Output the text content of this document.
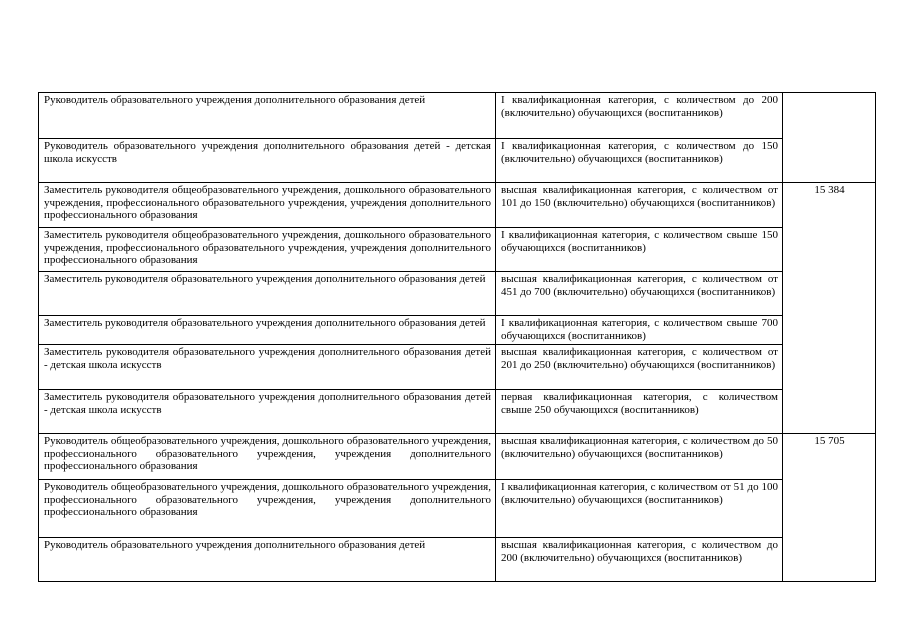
Руководитель образовательного учреждения дополнительного образования детей	I квалификационная категория, с количеством до 200 (включительно) обучающихся (воспитанников)	
Руководитель образовательного учреждения дополнительного образования детей - детская школа искусств	I квалификационная категория, с количеством до 150 (включительно) обучающихся (воспитанников)	
Заместитель руководителя общеобразовательного учреждения, дошкольного образовательного учреждения, профессионального образовательного учреждения, учреждения дополнительного профессионального образования	высшая квалификационная категория, с количеством от 101 до 150 (включительно) обучающихся (воспитанников)	15 384
Заместитель руководителя общеобразовательного учреждения, дошкольного образовательного учреждения, профессионального образовательного учреждения, учреждения дополнительного профессионального образования	I квалификационная категория, с количеством свыше 150 обучающихся (воспитанников)	
Заместитель руководителя образовательного учреждения дополнительного образования детей	высшая квалификационная категория, с количеством от 451 до 700 (включительно) обучающихся (воспитанников)	
Заместитель руководителя образовательного учреждения дополнительного образования детей	I квалификационная категория, с количеством свыше 700 обучающихся (воспитанников)	
Заместитель руководителя образовательного учреждения дополнительного образования детей - детская школа искусств	высшая квалификационная категория, с количеством от 201 до 250 (включительно) обучающихся (воспитанников)	
Заместитель руководителя образовательного учреждения дополнительного образования детей - детская школа искусств	первая квалификационная категория, с количеством свыше 250 обучающихся (воспитанников)	
Руководитель общеобразовательного учреждения, дошкольного образовательного учреждения, профессионального образовательного учреждения, учреждения дополнительного профессионального образования	высшая квалификационная категория, с количеством до 50 (включительно) обучающихся (воспитанников)	15 705
Руководитель общеобразовательного учреждения, дошкольного образовательного учреждения, профессионального образовательного учреждения, учреждения дополнительного профессионального образования	I квалификационная категория, с количеством от 51 до 100 (включительно) обучающихся (воспитанников)	
Руководитель образовательного учреждения дополнительного образования детей	высшая квалификационная категория, с количеством до 200 (включительно) обучающихся (воспитанников)	
